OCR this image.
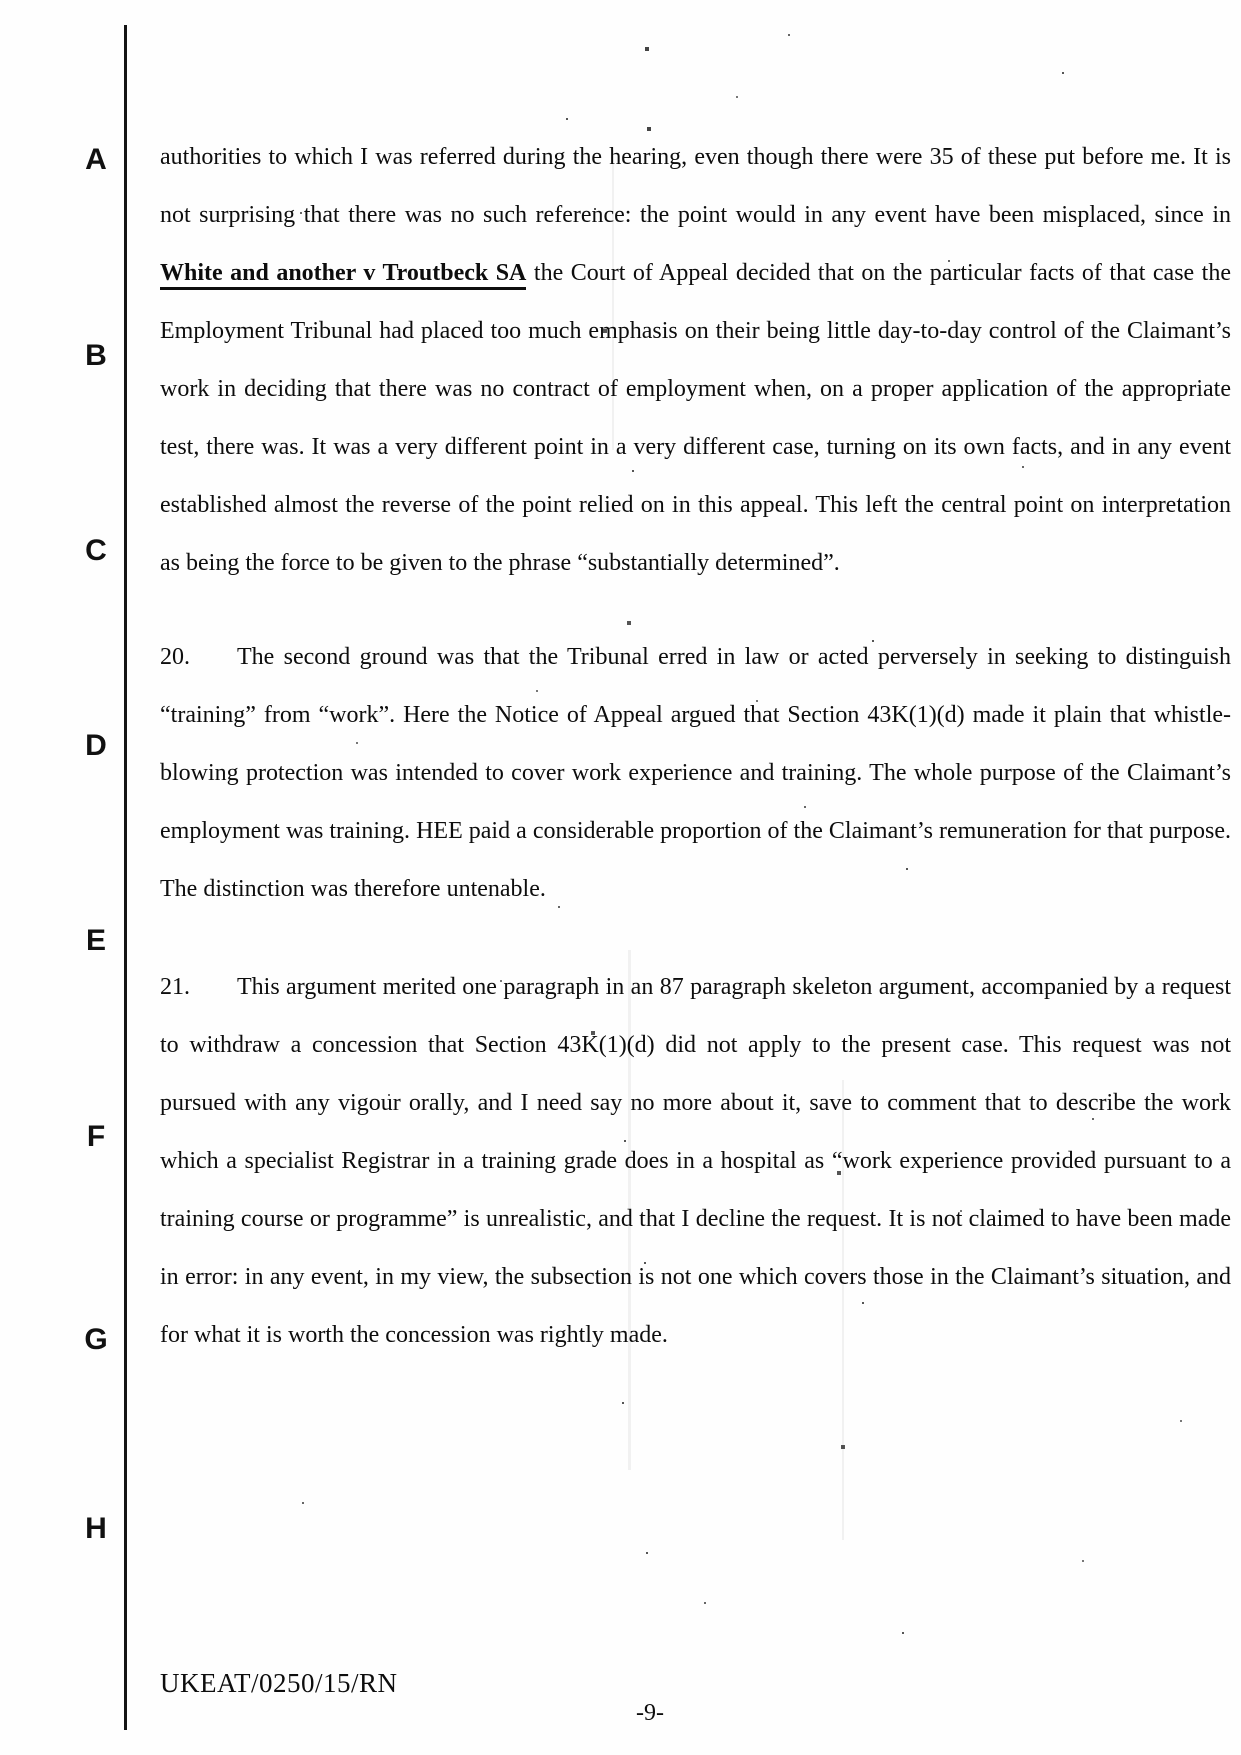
A
B
C
D
E
F
G
H

authorities to which I was referred during the hearing, even though there were 35 of these put before me. It is not surprising that there was no such reference: the point would in any event have been misplaced, since in White and another v Troutbeck SA the Court of Appeal decided that on the particular facts of that case the Employment Tribunal had placed too much emphasis on their being little day-to-day control of the Claimant’s work in deciding that there was no contract of employment when, on a proper application of the appropriate test, there was. It was a very different point in a very different case, turning on its own facts, and in any event established almost the reverse of the point relied on in this appeal. This left the central point on interpretation as being the force to be given to the phrase “substantially determined”.

20. The second ground was that the Tribunal erred in law or acted perversely in seeking to distinguish “training” from “work”. Here the Notice of Appeal argued that Section 43K(1)(d) made it plain that whistle-blowing protection was intended to cover work experience and training. The whole purpose of the Claimant’s employment was training. HEE paid a considerable proportion of the Claimant’s remuneration for that purpose. The distinction was therefore untenable.

21. This argument merited one paragraph in an 87 paragraph skeleton argument, accompanied by a request to withdraw a concession that Section 43K(1)(d) did not apply to the present case. This request was not pursued with any vigour orally, and I need say no more about it, save to comment that to describe the work which a specialist Registrar in a training grade does in a hospital as “work experience provided pursuant to a training course or programme” is unrealistic, and that I decline the request. It is not claimed to have been made in error: in any event, in my view, the subsection is not one which covers those in the Claimant’s situation, and for what it is worth the concession was rightly made.

UKEAT/0250/15/RN
-9-
